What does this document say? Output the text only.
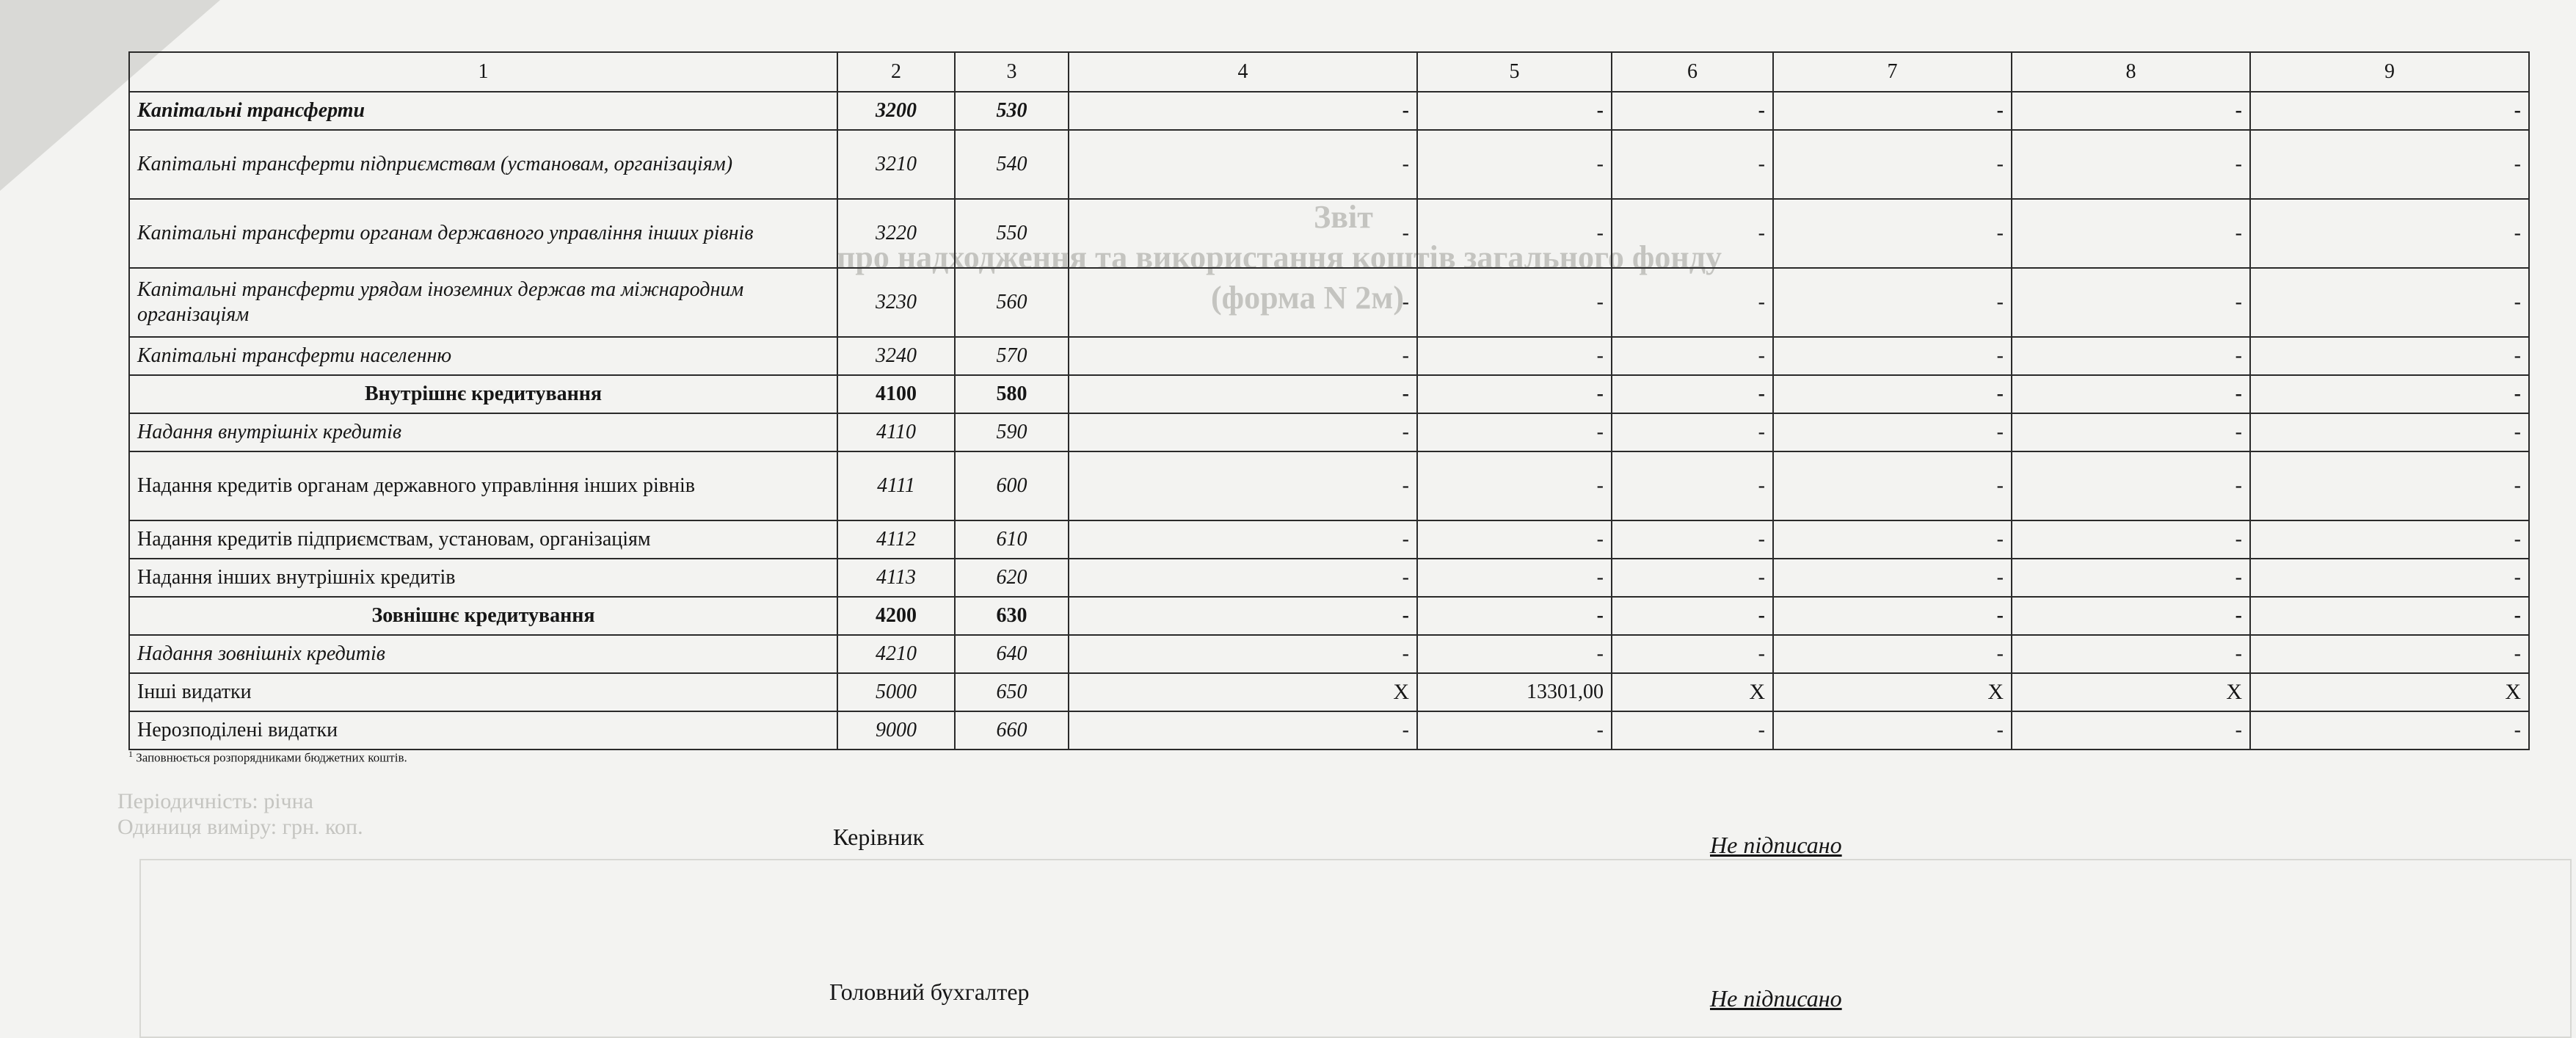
Звіт
про надходження та використання коштів загального фонду
(форма N 2м)
Періодичність: річна
Одиниця виміру: грн. коп.
1	2	3	4	5	6	7	8	9
Капітальні трансферти	3200	530	-	-	-	-	-	-
Капітальні трансферти підприємствам (установам, організаціям)	3210	540	-	-	-	-	-	-
Капітальні трансферти органам державного управління інших рівнів	3220	550	-	-	-	-	-	-
Капітальні трансферти урядам іноземних держав та міжнародним організаціям	3230	560	-	-	-	-	-	-
Капітальні трансферти населенню	3240	570	-	-	-	-	-	-
Внутрішнє кредитування	4100	580	-	-	-	-	-	-
Надання внутрішніх кредитів	4110	590	-	-	-	-	-	-
Надання кредитів органам державного управління інших рівнів	4111	600	-	-	-	-	-	-
Надання кредитів підприємствам, установам, організаціям	4112	610	-	-	-	-	-	-
Надання інших внутрішніх кредитів	4113	620	-	-	-	-	-	-
Зовнішнє кредитування	4200	630	-	-	-	-	-	-
Надання зовнішніх кредитів	4210	640	-	-	-	-	-	-
Інші видатки	5000	650	Х	13301,00	Х	Х	Х	Х
Нерозподілені видатки	9000	660	-	-	-	-	-	-
$^1$ Заповнюється розпорядниками бюджетних коштів.
Керівник	Не підписано
Головний бухгалтер	Не підписано
